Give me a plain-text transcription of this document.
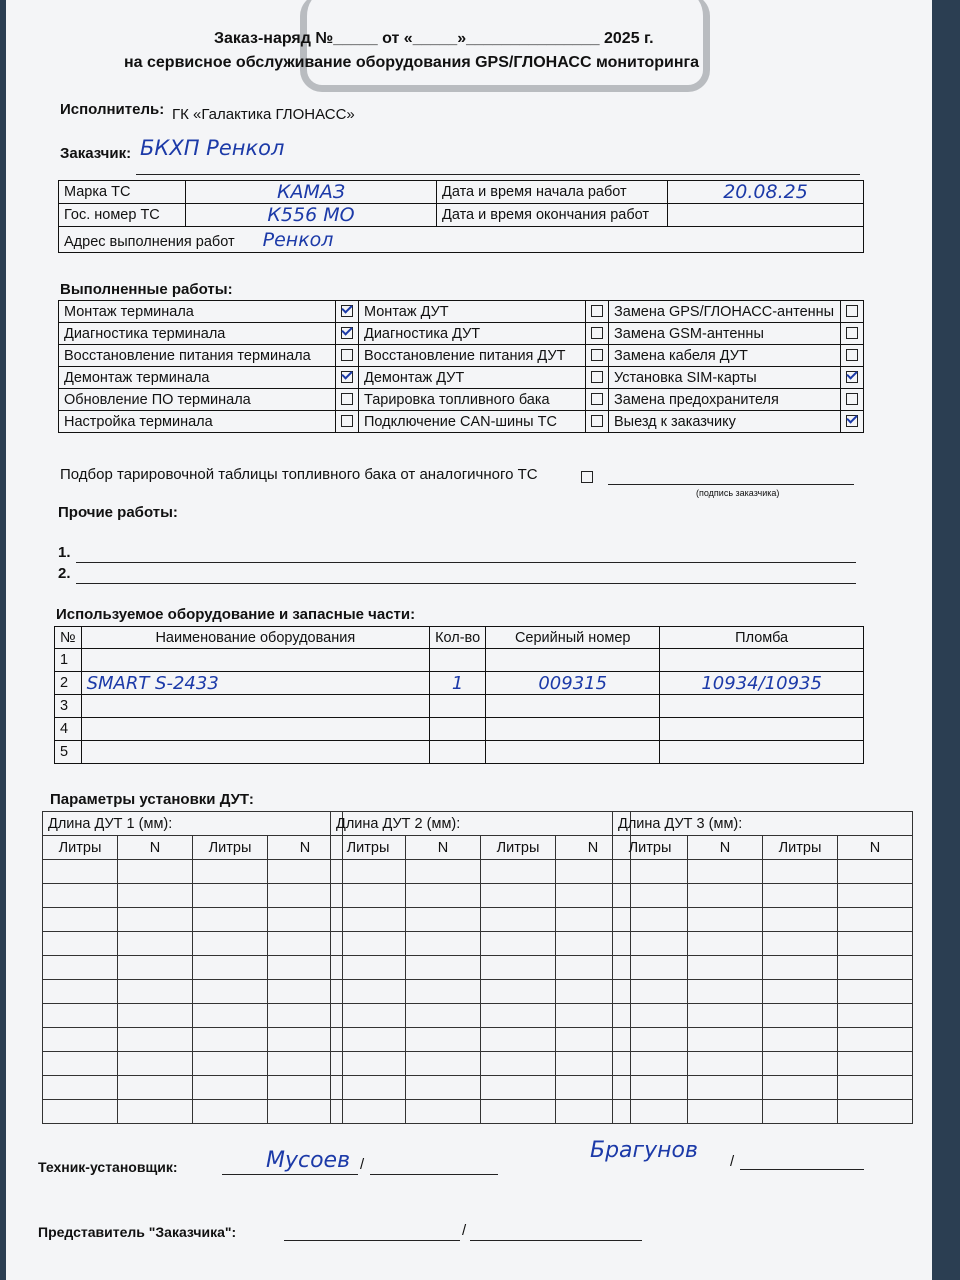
Заказ-наряд №_____ от «_____»_______________ 2025 г.
на сервисное обслуживание оборудования GPS/ГЛОНАСС мониторинга
Исполнитель: ГК «Галактика ГЛОНАСС»
Заказчик: БКХП Ренкол
Марка ТС	КАМАЗ	Дата и время начала работ	20.08.25
Гос. номер ТС	К556 МО	Дата и время окончания работ	
Адрес выполнения работ Ренкол			
Выполненные работы:
Монтаж терминала		Монтаж ДУТ		Замена GPS/ГЛОНАСС-антенны	
Диагностика терминала		Диагностика ДУТ		Замена GSM-антенны	
Восстановление питания терминала		Восстановление питания ДУТ		Замена кабеля ДУТ	
Демонтаж терминала		Демонтаж ДУТ		Установка SIM-карты	
Обновление ПО терминала		Тарировка топливного бака		Замена предохранителя	
Настройка терминала		Подключение CAN-шины ТС		Выезд к заказчику	
Подбор тарировочной таблицы топливного бака от аналогичного ТС
(подпись заказчика)
Прочие работы:
1.
2.
Используемое оборудование и запасные части:
№	Наименование оборудования	Кол-во	Серийный номер	Пломба
1				
2	SMART S-2433	1	009315	10934/10935
3				
4				
5				
Параметры установки ДУТ:
Длина ДУТ 1 (мм):			
Литры	N	Литры	N

Длина ДУТ 2 (мм):			
Литры	N	Литры	N

Длина ДУТ 3 (мм):			
Литры	N	Литры	N

Техник-установщик:	Мусоев /
Брагунов /
Представитель "Заказчика":	/
